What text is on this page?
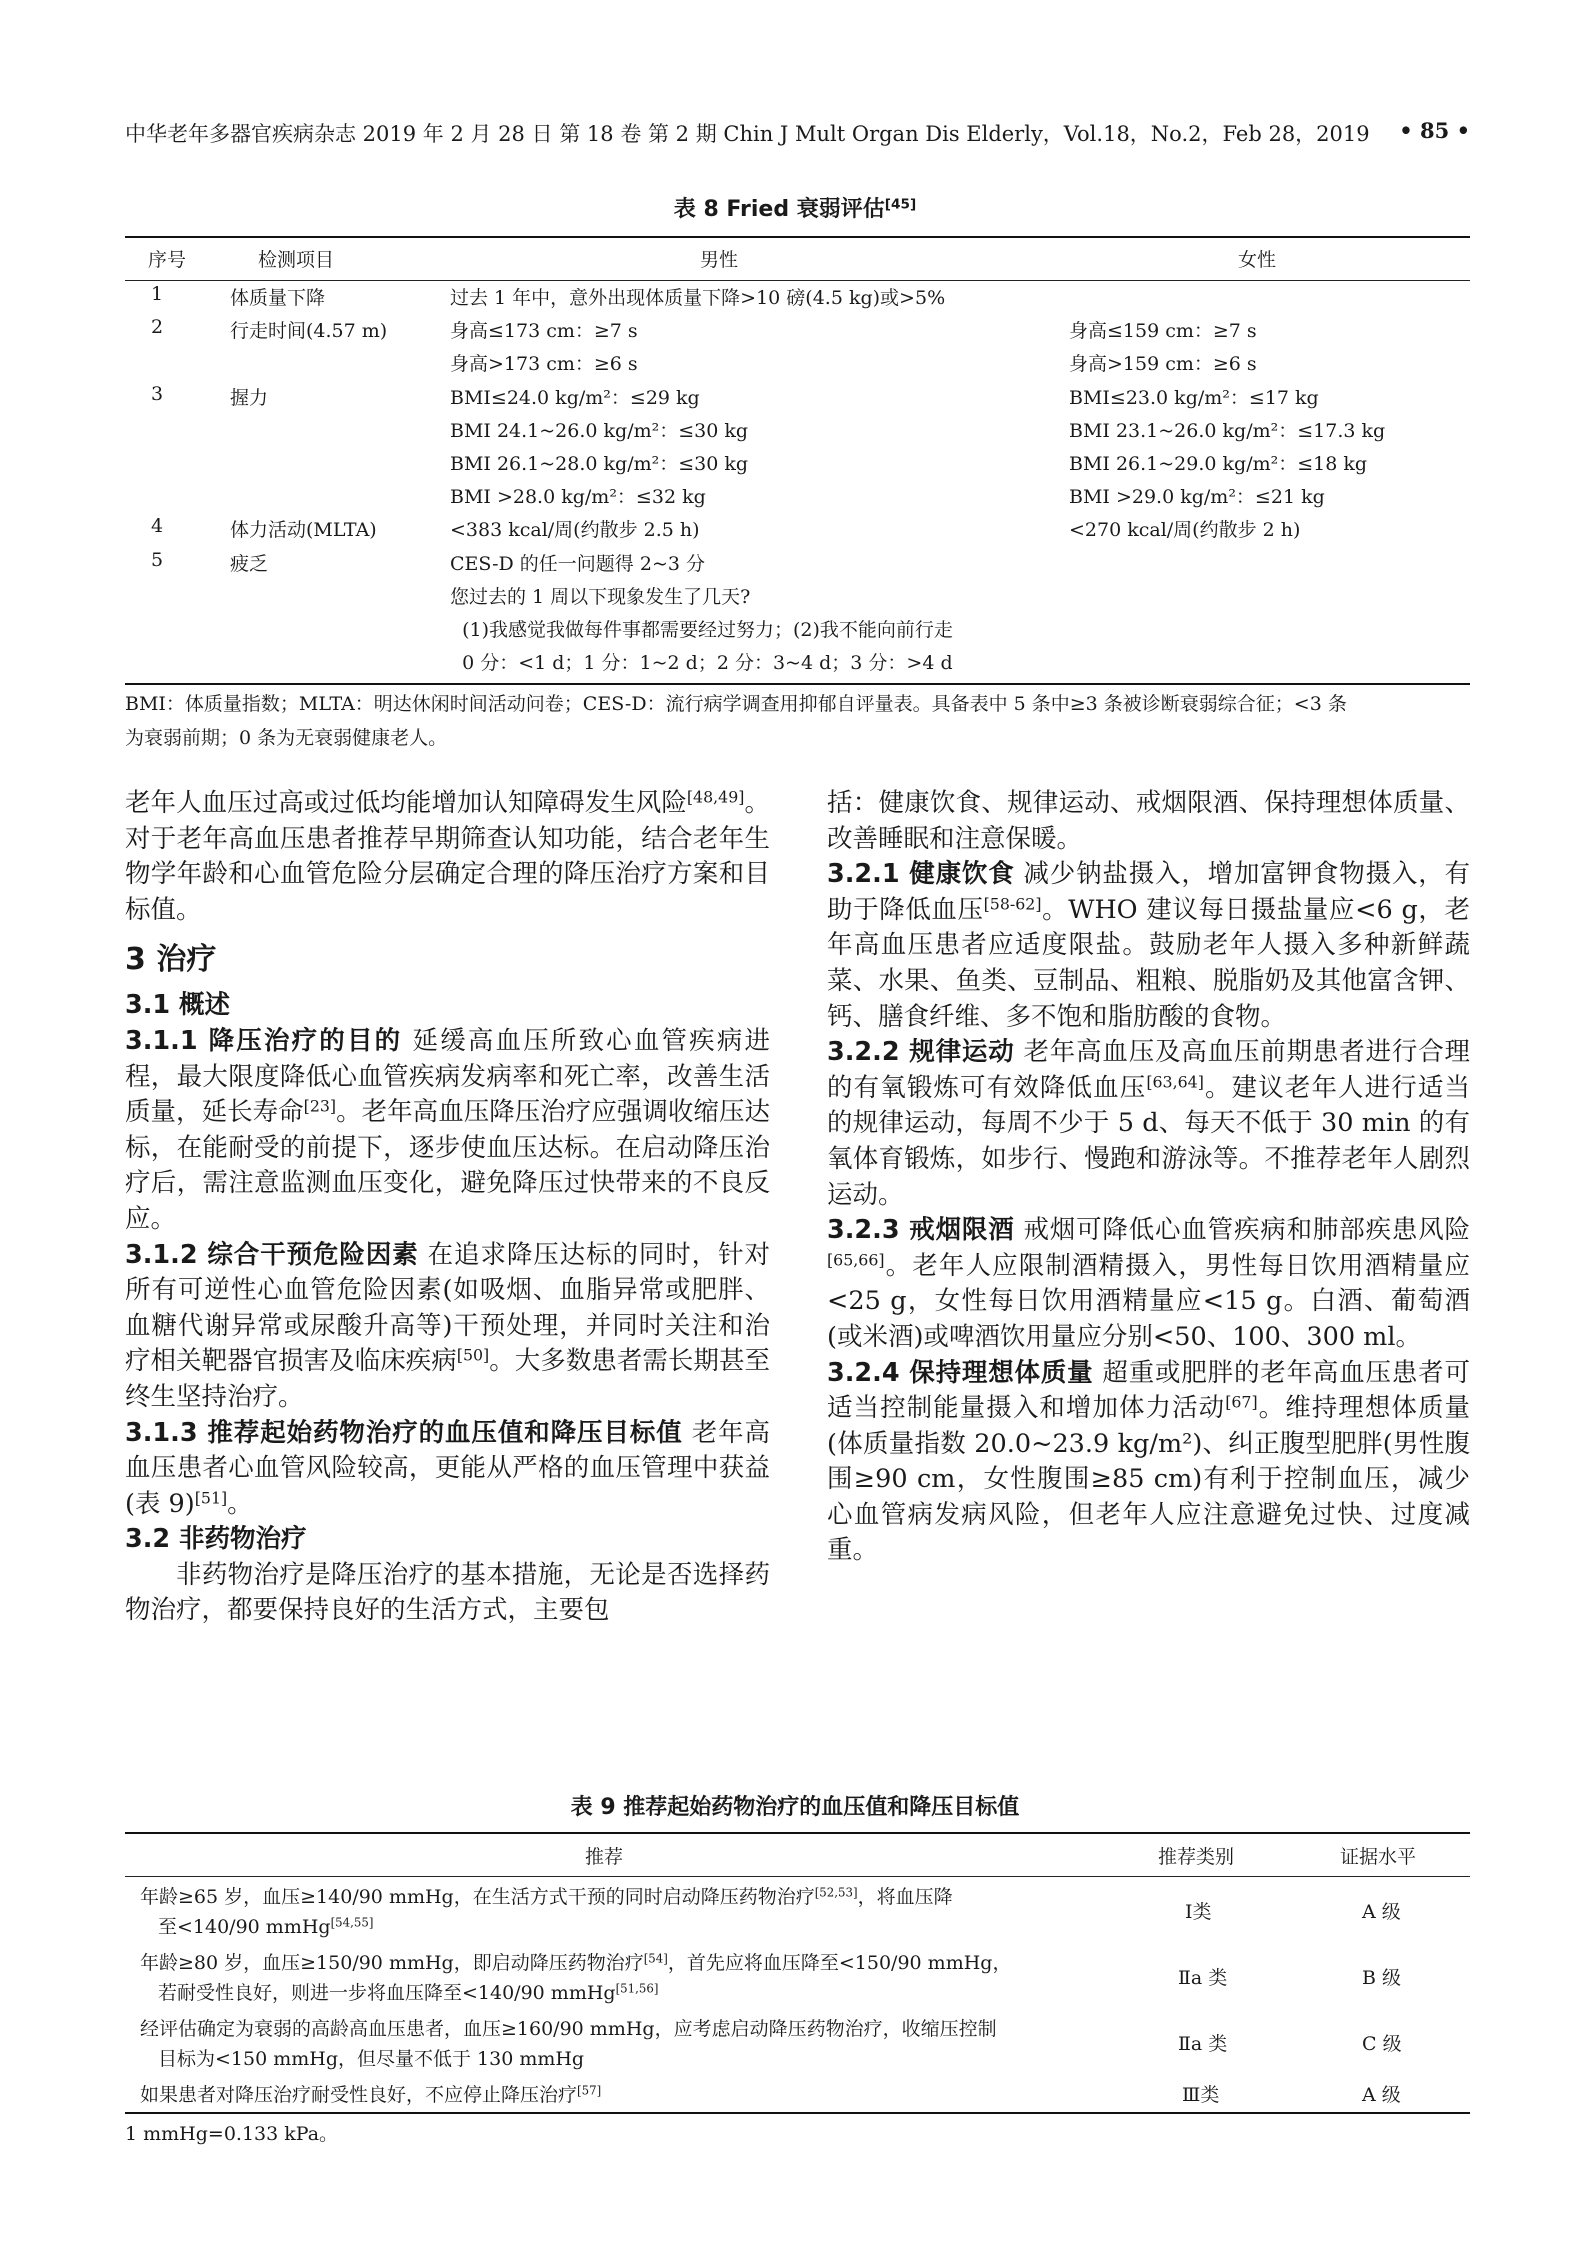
中华老年多器官疾病杂志 2019 年 2 月 28 日 第 18 卷 第 2 期 Chin J Mult Organ Dis Elderly，Vol.18，No.2，Feb 28，2019 • 85 •
表 8 Fried 衰弱评估[45]
序号	检测项目	男性	女性
1	体质量下降	过去 1 年中，意外出现体质量下降>10 磅(4.5 kg)或>5%
2	行走时间(4.57 m)	身高≤173 cm：≥7 s	身高≤159 cm：≥7 s
身高>173 cm：≥6 s	身高>159 cm：≥6 s
3	握力	BMI≤24.0 kg/m²：≤29 kg	BMI≤23.0 kg/m²：≤17 kg
BMI 24.1~26.0 kg/m²：≤30 kg	BMI 23.1~26.0 kg/m²：≤17.3 kg
BMI 26.1~28.0 kg/m²：≤30 kg	BMI 26.1~29.0 kg/m²：≤18 kg
BMI >28.0 kg/m²：≤32 kg	BMI >29.0 kg/m²：≤21 kg
4	体力活动(MLTA)	<383 kcal/周(约散步 2.5 h)	<270 kcal/周(约散步 2 h)
5	疲乏	CES-D 的任一问题得 2~3 分
您过去的 1 周以下现象发生了几天?
(1)我感觉我做每件事都需要经过努力；(2)我不能向前行走
0 分：<1 d；1 分：1~2 d；2 分：3~4 d；3 分：>4 d
BMI：体质量指数；MLTA：明达休闲时间活动问卷；CES-D：流行病学调查用抑郁自评量表。具备表中 5 条中≥3 条被诊断衰弱综合征；<3 条
为衰弱前期；0 条为无衰弱健康老人。

老年人血压过高或过低均能增加认知障碍发生风险[48,49]。对于老年高血压患者推荐早期筛查认知功能，结合老年生物学年龄和心血管危险分层确定合理的降压治疗方案和目标值。

3 治疗

3.1 概述

3.1.1 降压治疗的目的 延缓高血压所致心血管疾病进程，最大限度降低心血管疾病发病率和死亡率，改善生活质量，延长寿命[23]。老年高血压降压治疗应强调收缩压达标，在能耐受的前提下，逐步使血压达标。在启动降压治疗后，需注意监测血压变化，避免降压过快带来的不良反应。

3.1.2 综合干预危险因素 在追求降压达标的同时，针对所有可逆性心血管危险因素(如吸烟、血脂异常或肥胖、血糖代谢异常或尿酸升高等)干预处理，并同时关注和治疗相关靶器官损害及临床疾病[50]。大多数患者需长期甚至终生坚持治疗。

3.1.3 推荐起始药物治疗的血压值和降压目标值 老年高血压患者心血管风险较高，更能从严格的血压管理中获益(表 9)[51]。

3.2 非药物治疗

非药物治疗是降压治疗的基本措施，无论是否选择药物治疗，都要保持良好的生活方式，主要包

括：健康饮食、规律运动、戒烟限酒、保持理想体质量、改善睡眠和注意保暖。

3.2.1 健康饮食 减少钠盐摄入，增加富钾食物摄入，有助于降低血压[58-62]。WHO 建议每日摄盐量应<6 g，老年高血压患者应适度限盐。鼓励老年人摄入多种新鲜蔬菜、水果、鱼类、豆制品、粗粮、脱脂奶及其他富含钾、钙、膳食纤维、多不饱和脂肪酸的食物。

3.2.2 规律运动 老年高血压及高血压前期患者进行合理的有氧锻炼可有效降低血压[63,64]。建议老年人进行适当的规律运动，每周不少于 5 d、每天不低于 30 min 的有氧体育锻炼，如步行、慢跑和游泳等。不推荐老年人剧烈运动。

3.2.3 戒烟限酒 戒烟可降低心血管疾病和肺部疾患风险[65,66]。老年人应限制酒精摄入，男性每日饮用酒精量应<25 g，女性每日饮用酒精量应<15 g。白酒、葡萄酒(或米酒)或啤酒饮用量应分别<50、100、300 ml。

3.2.4 保持理想体质量 超重或肥胖的老年高血压患者可适当控制能量摄入和增加体力活动[67]。维持理想体质量(体质量指数 20.0~23.9 kg/m²)、纠正腹型肥胖(男性腹围≥90 cm，女性腹围≥85 cm)有利于控制血压，减少心血管病发病风险，但老年人应注意避免过快、过度减重。

表 9 推荐起始药物治疗的血压值和降压目标值
推荐	推荐类别	证据水平
年龄≥65 岁，血压≥140/90 mmHg，在生活方式干预的同时启动降压药物治疗[52,53]，将血压降
至<140/90 mmHg[54,55]	Ⅰ类	A 级
年龄≥80 岁，血压≥150/90 mmHg，即启动降压药物治疗[54]，首先应将血压降至<150/90 mmHg，
若耐受性良好，则进一步将血压降至<140/90 mmHg[51,56]	Ⅱa 类	B 级
经评估确定为衰弱的高龄高血压患者，血压≥160/90 mmHg，应考虑启动降压药物治疗，收缩压控制
目标为<150 mmHg，但尽量不低于 130 mmHg
Ⅱa 类	C 级
如果患者对降压治疗耐受性良好，不应停止降压治疗[57]	Ⅲ类	A 级
1 mmHg=0.133 kPa。
